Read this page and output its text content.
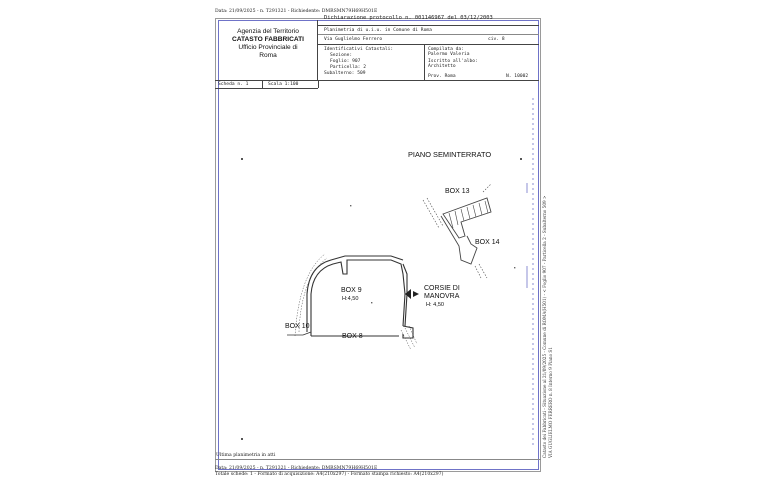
Data: 21/09/2025 - n. T291321 - Richiedente: DMRSMN79H69H501E
Agenzia del Territorio
CATASTO FABBRICATI
Ufficio Provinciale di
Roma
Dichiarazione protocollo n. 001146967 del 03/12/2003
Planimetria di u.i.u. in Comune di Roma
Via Guglielmo Ferrero	civ. 8
Identificativi Catastali:
Sezione:
Foglio: 907
Particella: 2
Subalterno: 509
Compilata da:
Palermo Valeria
Iscritto all'albo:
Architetto
Prov. Roma	N. 10002
Scheda n. 1	Scala 1:100
PIANO SEMINTERRATO
BOX 13
BOX 14
BOX 9
H:4,50
BOX 10
BOX 8
CORSIE DI
MANOVRA
H: 4,50
Ultima planimetria in atti
Data: 21/09/2025 - n. T291321 - Richiedente: DMRSMN79H69H501E
Totale schede: 1 - Formato di acquisizione: A4(210x297) - Formato stampa richiesto: A4(210x297)
Catasto dei Fabbricati - Situazione al 21/09/2025 - Comune di ROMA(H501) - < Foglio 907 - Particella 2 - Subalterno 509 > VIA GUGLIELMO FERRERO n. 8 Interno 9 Piano S1
